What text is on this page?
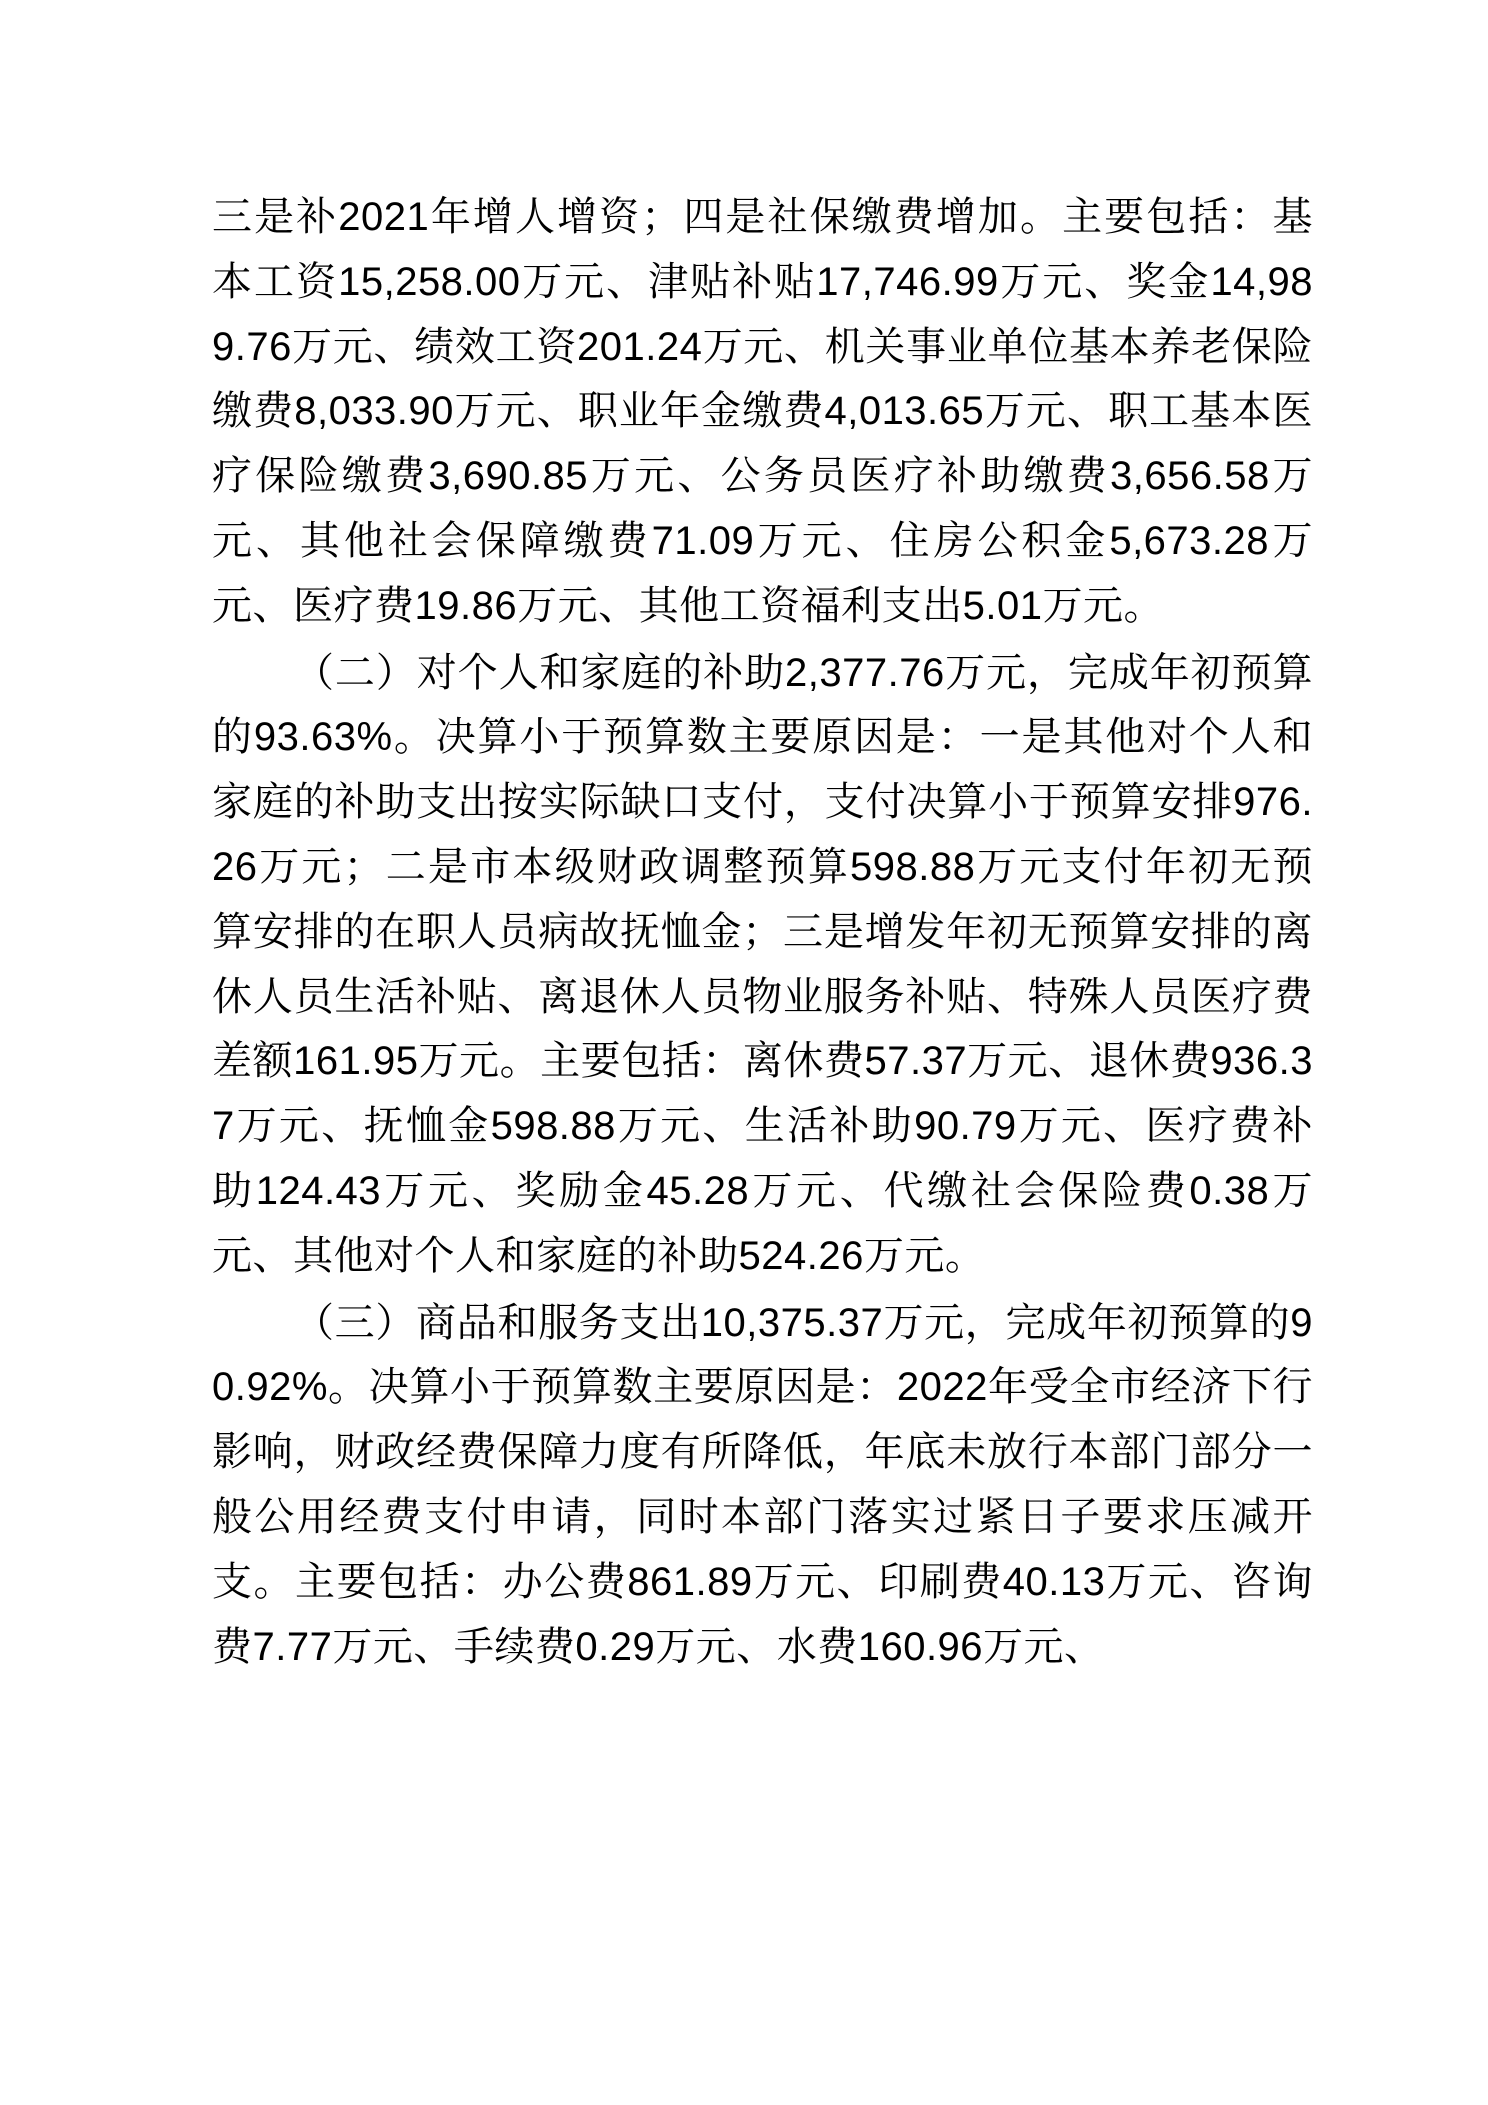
三是补2021年增人增资；四是社保缴费增加。主要包括：基本工资15,258.00万元、津贴补贴17,746.99万元、奖金14,989.76万元、绩效工资201.24万元、机关事业单位基本养老保险缴费8,033.90万元、职业年金缴费4,013.65万元、职工基本医疗保险缴费3,690.85万元、公务员医疗补助缴费3,656.58万元、其他社会保障缴费71.09万元、住房公积金5,673.28万元、医疗费19.86万元、其他工资福利支出5.01万元。

（二）对个人和家庭的补助2,377.76万元，完成年初预算的93.63%。决算小于预算数主要原因是：一是其他对个人和家庭的补助支出按实际缺口支付，支付决算小于预算安排976.26万元；二是市本级财政调整预算598.88万元支付年初无预算安排的在职人员病故抚恤金；三是增发年初无预算安排的离休人员生活补贴、离退休人员物业服务补贴、特殊人员医疗费差额161.95万元。主要包括：离休费57.37万元、退休费936.37万元、抚恤金598.88万元、生活补助90.79万元、医疗费补助124.43万元、奖励金45.28万元、代缴社会保险费0.38万元、其他对个人和家庭的补助524.26万元。

（三）商品和服务支出10,375.37万元，完成年初预算的90.92%。决算小于预算数主要原因是：2022年受全市经济下行影响，财政经费保障力度有所降低，年底未放行本部门部分一般公用经费支付申请，同时本部门落实过紧日子要求压减开支。主要包括：办公费861.89万元、印刷费40.13万元、咨询费7.77万元、手续费0.29万元、水费160.96万元、
